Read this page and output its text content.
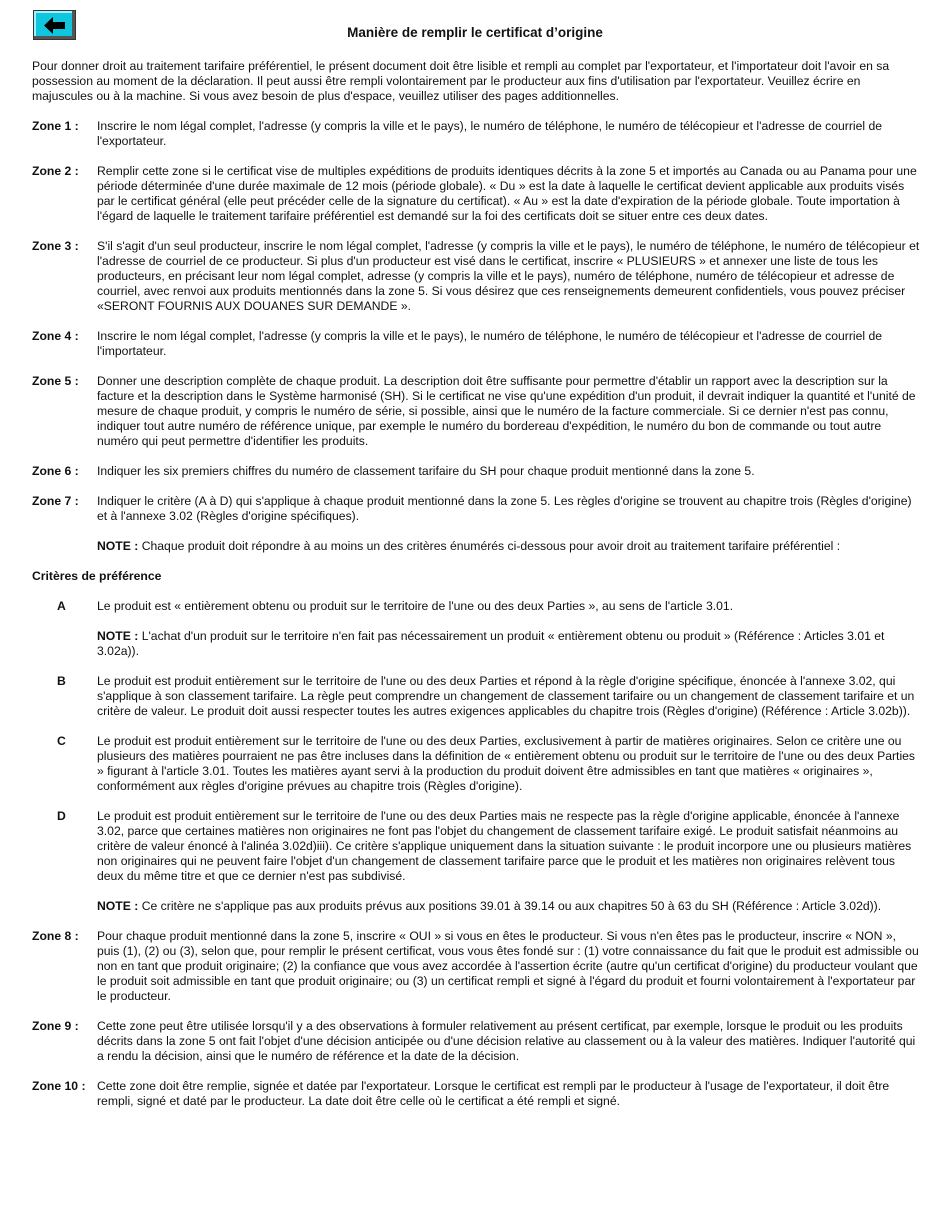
Manière de remplir le certificat d’origine

Pour donner droit au traitement tarifaire préférentiel, le présent document doit être lisible et rempli au complet par l'exportateur, et l'importateur doit l'avoir en sa possession au moment de la déclaration. Il peut aussi être rempli volontairement par le producteur aux fins d'utilisation par l'exportateur. Veuillez écrire en majuscules ou à la machine. Si vous avez besoin de plus d'espace, veuillez utiliser des pages additionnelles.

Zone 1 :	Inscrire le nom légal complet, l'adresse (y compris la ville et le pays), le numéro de téléphone, le numéro de télécopieur et l'adresse de courriel de l'exportateur.
Zone 2 :	Remplir cette zone si le certificat vise de multiples expéditions de produits identiques décrits à la zone 5 et importés au Canada ou au Panama pour une période déterminée d'une durée maximale de 12 mois (période globale). « Du » est la date à laquelle le certificat devient applicable aux produits visés par le certificat général (elle peut précéder celle de la signature du certificat). « Au » est la date d'expiration de la période globale. Toute importation à l'égard de laquelle le traitement tarifaire préférentiel est demandé sur la foi des certificats doit se situer entre ces deux dates.
Zone 3 :	S'il s'agit d'un seul producteur, inscrire le nom légal complet, l'adresse (y compris la ville et le pays), le numéro de téléphone, le numéro de télécopieur et l'adresse de courriel de ce producteur. Si plus d'un producteur est visé dans le certificat, inscrire « PLUSIEURS » et annexer une liste de tous les producteurs, en précisant leur nom légal complet, adresse (y compris la ville et le pays), numéro de téléphone, numéro de télécopieur et adresse de courriel, avec renvoi aux produits mentionnés dans la zone 5. Si vous désirez que ces renseignements demeurent confidentiels, vous pouvez préciser «SERONT FOURNIS AUX DOUANES SUR DEMANDE ».
Zone 4 :	Inscrire le nom légal complet, l'adresse (y compris la ville et le pays), le numéro de téléphone, le numéro de télécopieur et l'adresse de courriel de l'importateur.
Zone 5 :	Donner une description complète de chaque produit. La description doit être suffisante pour permettre d'établir un rapport avec la description sur la facture et la description dans le Système harmonisé (SH). Si le certificat ne vise qu'une expédition d'un produit, il devrait indiquer la quantité et l'unité de mesure de chaque produit, y compris le numéro de série, si possible, ainsi que le numéro de la facture commerciale. Si ce dernier n'est pas connu, indiquer tout autre numéro de référence unique, par exemple le numéro du bordereau d'expédition, le numéro du bon de commande ou tout autre numéro qui peut permettre d'identifier les produits.
Zone 6 :	Indiquer les six premiers chiffres du numéro de classement tarifaire du SH pour chaque produit mentionné dans la zone 5.
Zone 7 :	Indiquer le critère (A à D) qui s'applique à chaque produit mentionné dans la zone 5. Les règles d'origine se trouvent au chapitre trois (Règles d'origine) et à l'annexe 3.02 (Règles d'origine spécifiques).
NOTE : Chaque produit doit répondre à au moins un des critères énumérés ci-dessous pour avoir droit au traitement tarifaire préférentiel :

Critères de préférence

A	Le produit est « entièrement obtenu ou produit sur le territoire de l'une ou des deux Parties », au sens de l'article 3.01.
NOTE : L'achat d'un produit sur le territoire n'en fait pas nécessairement un produit « entièrement obtenu ou produit » (Référence : Articles 3.01 et 3.02a)).
B	Le produit est produit entièrement sur le territoire de l'une ou des deux Parties et répond à la règle d'origine spécifique, énoncée à l'annexe 3.02, qui s'applique à son classement tarifaire. La règle peut comprendre un changement de classement tarifaire ou un changement de classement tarifaire et un critère de valeur. Le produit doit aussi respecter toutes les autres exigences applicables du chapitre trois (Règles d'origine) (Référence : Article 3.02b)).
C	Le produit est produit entièrement sur le territoire de l'une ou des deux Parties, exclusivement à partir de matières originaires. Selon ce critère une ou plusieurs des matières pourraient ne pas être incluses dans la définition de « entièrement obtenu ou produit sur le territoire de l'une ou des deux Parties » figurant à l'article 3.01. Toutes les matières ayant servi à la production du produit doivent être admissibles en tant que matières « originaires », conformément aux règles d'origine prévues au chapitre trois (Règles d'origine).
D	Le produit est produit entièrement sur le territoire de l'une ou des deux Parties mais ne respecte pas la règle d'origine applicable, énoncée à l'annexe 3.02, parce que certaines matières non originaires ne font pas l'objet du changement de classement tarifaire exigé. Le produit satisfait néanmoins au critère de valeur énoncé à l'alinéa 3.02d)iii). Ce critère s'applique uniquement dans la situation suivante : le produit incorpore une ou plusieurs matières non originaires qui ne peuvent faire l'objet d'un changement de classement tarifaire parce que le produit et les matières non originaires relèvent tous deux du même titre et que ce dernier n'est pas subdivisé.
NOTE : Ce critère ne s'applique pas aux produits prévus aux positions 39.01 à 39.14 ou aux chapitres 50 à 63 du SH (Référence : Article 3.02d)).
Zone 8 :	Pour chaque produit mentionné dans la zone 5, inscrire « OUI » si vous en êtes le producteur. Si vous n'en êtes pas le producteur, inscrire « NON », puis (1), (2) ou (3), selon que, pour remplir le présent certificat, vous vous êtes fondé sur : (1) votre connaissance du fait que le produit est admissible ou non en tant que produit originaire; (2) la confiance que vous avez accordée à l'assertion écrite (autre qu'un certificat d'origine) du producteur voulant que le produit soit admissible en tant que produit originaire; ou (3) un certificat rempli et signé à l'égard du produit et fourni volontairement à l'exportateur par le producteur.
Zone 9 :	Cette zone peut être utilisée lorsqu'il y a des observations à formuler relativement au présent certificat, par exemple, lorsque le produit ou les produits décrits dans la zone 5 ont fait l'objet d'une décision anticipée ou d'une décision relative au classement ou à la valeur des matières. Indiquer l'autorité qui a rendu la décision, ainsi que le numéro de référence et la date de la décision.
Zone 10 : Cette zone doit être remplie, signée et datée par l'exportateur. Lorsque le certificat est rempli par le producteur à l'usage de l'exportateur, il doit être rempli, signé et daté par le producteur. La date doit être celle où le certificat a été rempli et signé.
